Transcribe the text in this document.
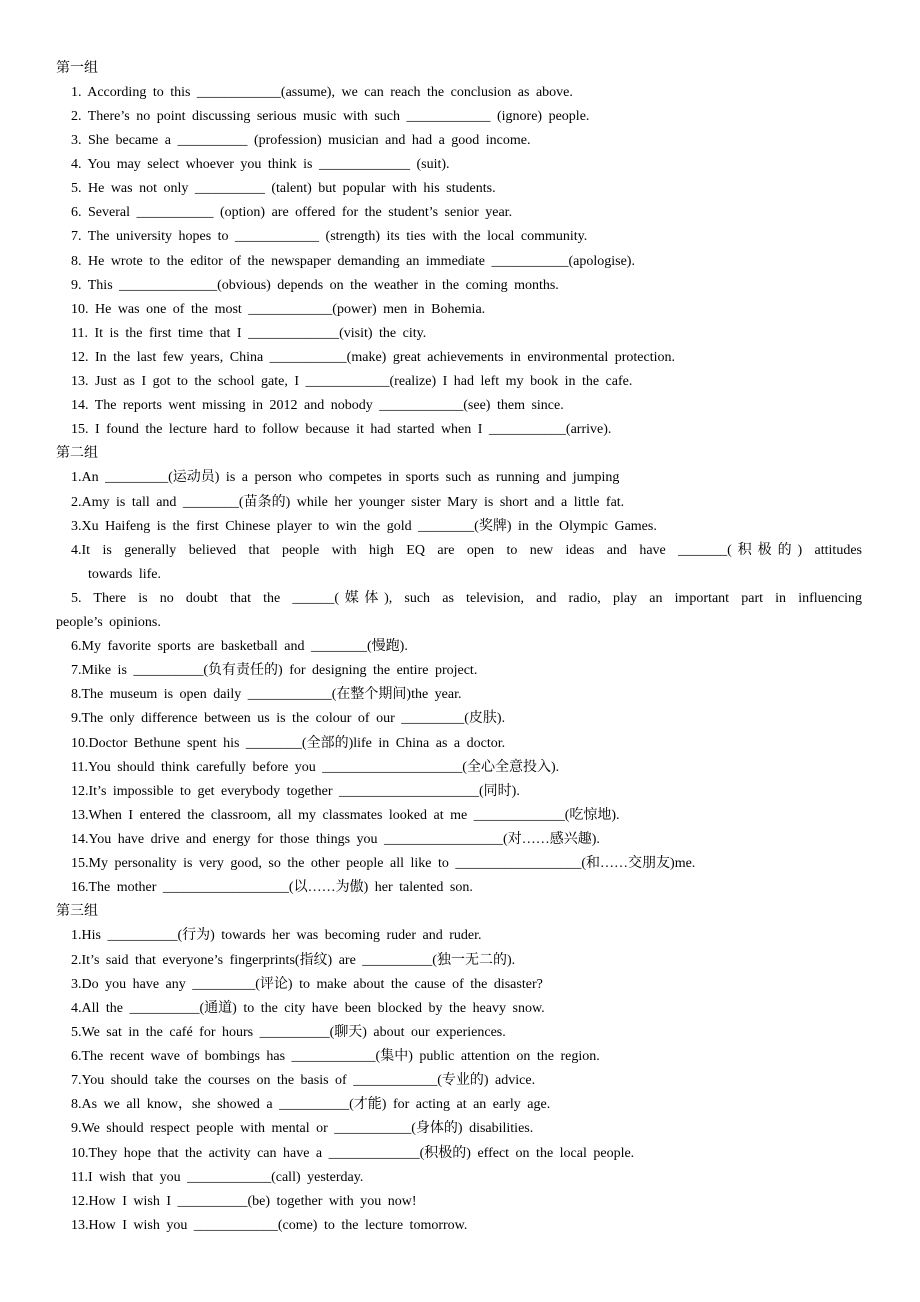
第一组
1. According to this ____________(assume), we can reach the conclusion as above.
2. There’s no point discussing serious music with such ____________ (ignore) people.
3. She became a __________ (profession) musician and had a good income.
4. You may select whoever you think is _____________ (suit).
5. He was not only __________ (talent) but popular with his students.
6. Several ___________ (option) are offered for the student’s senior year.
7. The university hopes to ____________ (strength) its ties with the local community.
8. He wrote to the editor of the newspaper demanding an immediate ___________(apologise).
9. This ______________(obvious) depends on the weather in the coming months.
10. He was one of the most ____________(power) men in Bohemia.
11. It is the first time that I _____________(visit) the city.
12. In the last few years, China ___________(make) great achievements in environmental protection.
13. Just as I got to the school gate, I ____________(realize) I had left my book in the cafe.
14. The reports went missing in 2012 and nobody ____________(see) them since.
15. I found the lecture hard to follow because it had started when I ___________(arrive).
第二组
1.An _________(运动员) is a person who competes in sports such as running and jumping
2.Amy is tall and ________(苗条的) while her younger sister Mary is short and a little fat.
3.Xu Haifeng is the first Chinese player to win the gold ________(奖牌) in the Olympic Games.
4.It is generally believed that people with high EQ are open to new ideas and have _______(积极的) attitudes
towards life.
5. There is no doubt that the ______(媒体), such as television, and radio, play an important part in influencing
people’s opinions.
6.My favorite sports are basketball and ________(慢跑).
7.Mike is __________(负有责任的) for designing the entire project.
8.The museum is open daily ____________(在整个期间)the year.
9.The only difference between us is the colour of our _________(皮肤).
10.Doctor Bethune spent his ________(全部的)life in China as a doctor.
11.You should think carefully before you ____________________(全心全意投入).
12.It’s impossible to get everybody together ____________________(同时).
13.When I entered the classroom, all my classmates looked at me _____________(吃惊地).
14.You have drive and energy for those things you _________________(对……感兴趣).
15.My personality is very good, so the other people all like to __________________(和……交朋友)me.
16.The mother __________________(以……为傲) her talented son.
第三组
1.His __________(行为) towards her was becoming ruder and ruder.
2.It’s said that everyone’s fingerprints(指纹) are __________(独一无二的).
3.Do you have any _________(评论) to make about the cause of the disaster?
4.All the __________(通道) to the city have been blocked by the heavy snow.
5.We sat in the café for hours __________(聊天) about our experiences.
6.The recent wave of bombings has ____________(集中) public attention on the region.
7.You should take the courses on the basis of ____________(专业的) advice.
8.As we all know，she showed a __________(才能) for acting at an early age.
9.We should respect people with mental or ___________(身体的) disabilities.
10.They hope that the activity can have a _____________(积极的) effect on the local people.
11.I wish that you ____________(call) yesterday.
12.How I wish I __________(be) together with you now!
13.How I wish you ____________(come) to the lecture tomorrow.
